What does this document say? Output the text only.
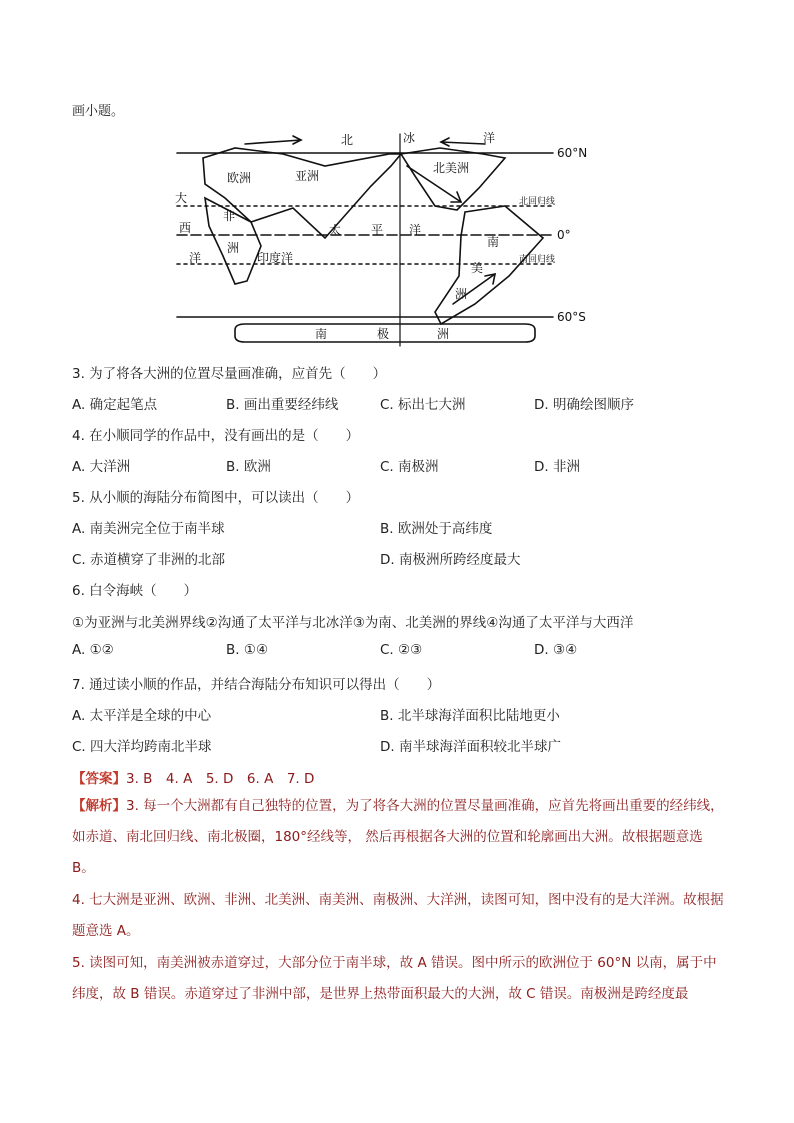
画小题。
60°N
0°
60°S
北回归线
南回归线
北	冰	洋
大
西
洋
太 平 洋
印度洋
亚洲
欧洲
北美洲
非
洲	南
美
洲
南	极	洲
3. 为了将各大洲的位置尽量画准确，应首先（　　）
A. 确定起笔点	B. 画出重要经纬线	C. 标出七大洲	D. 明确绘图顺序
4. 在小顺同学的作品中，没有画出的是（　　）
A. 大洋洲	B. 欧洲	C. 南极洲	D. 非洲
5. 从小顺的海陆分布简图中，可以读出（　　）
A. 南美洲完全位于南半球	B. 欧洲处于高纬度
C. 赤道横穿了非洲的北部	D. 南极洲所跨经度最大
6. 白令海峡（　　）
①为亚洲与北美洲界线②沟通了太平洋与北冰洋③为南、北美洲的界线④沟通了太平洋与大西洋
A. ①②	B. ①④	C. ②③	D. ③④
7. 通过读小顺的作品，并结合海陆分布知识可以得出（　　）
A. 太平洋是全球的中心	B. 北半球海洋面积比陆地更小
C. 四大洋均跨南北半球	D. 南半球海洋面积较北半球广
【答案】3. B　4. A　5. D　6. A　7. D
【解析】3. 每一个大洲都有自己独特的位置，为了将各大洲的位置尽量画准确，应首先将画出重要的经纬线，如赤道、南北回归线、南北极圈，180°经线等， 然后再根据各大洲的位置和轮廓画出大洲。故根据题意选 B。
4. 七大洲是亚洲、欧洲、非洲、北美洲、南美洲、南极洲、大洋洲，读图可知，图中没有的是大洋洲。故根据题意选 A。
5. 读图可知，南美洲被赤道穿过，大部分位于南半球，故 A 错误。图中所示的欧洲位于 60°N 以南，属于中纬度，故 B 错误。赤道穿过了非洲中部，是世界上热带面积最大的大洲，故 C 错误。南极洲是跨经度最
